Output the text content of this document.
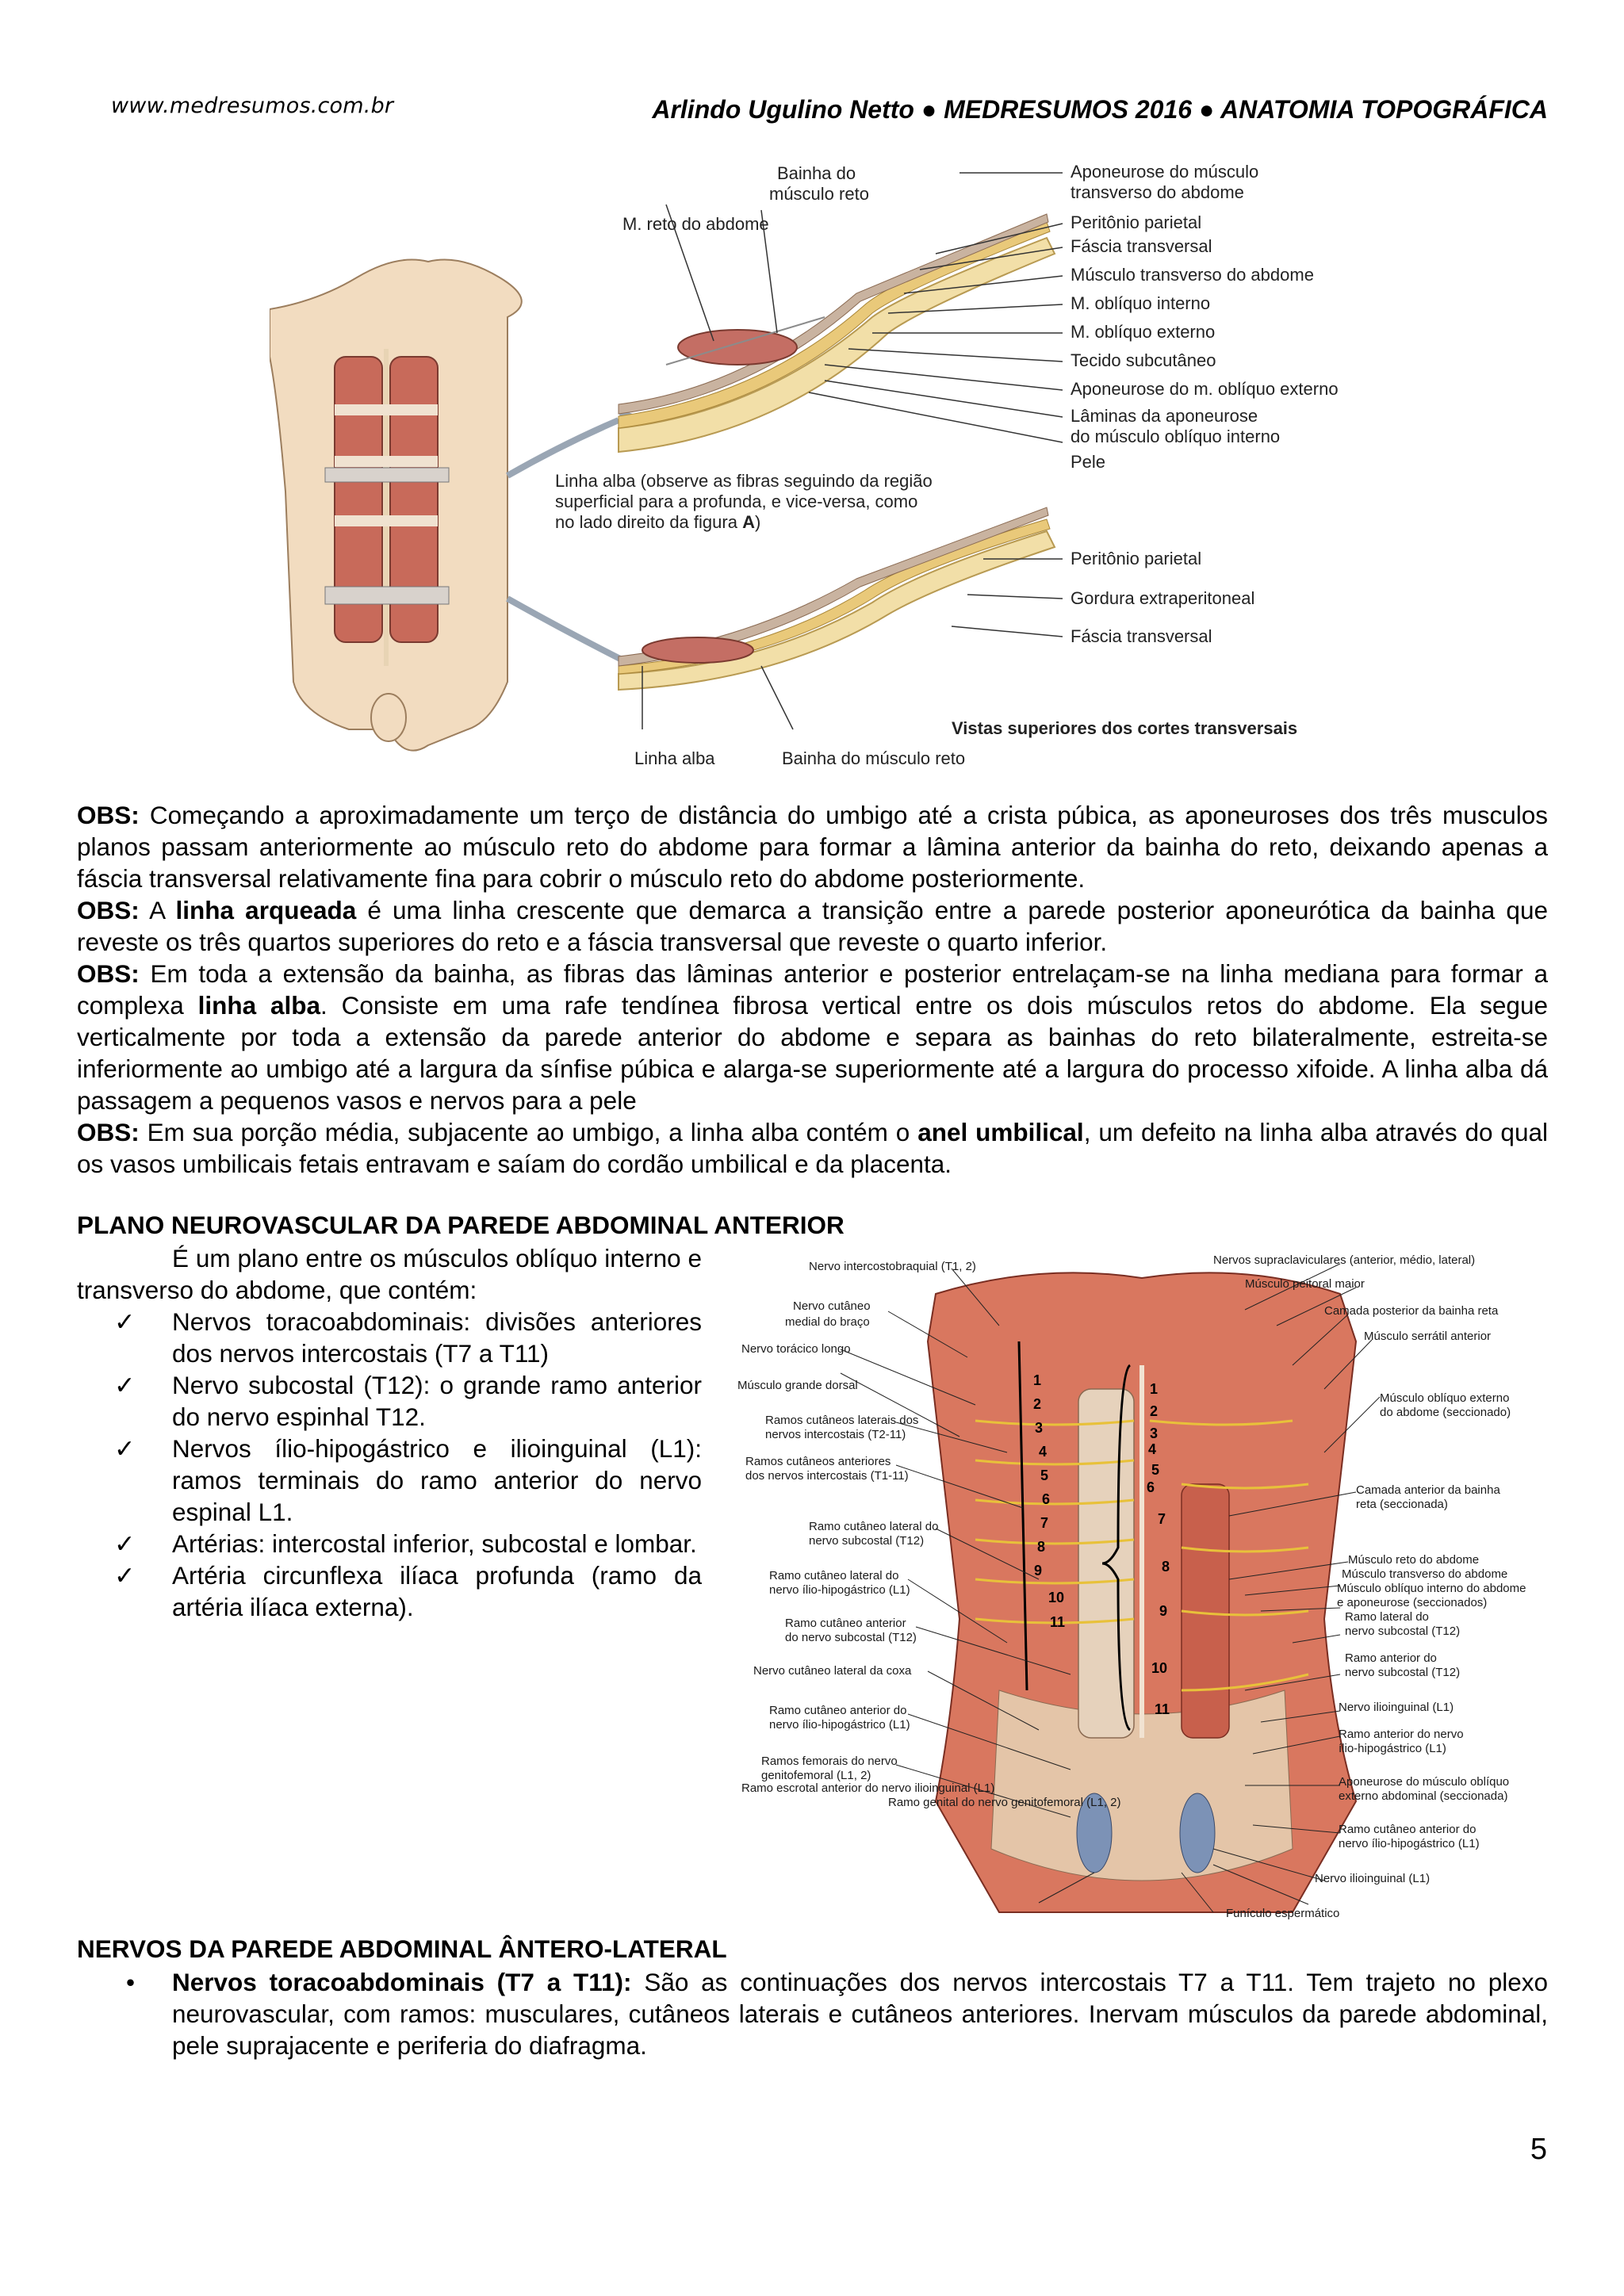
www.medresumos.com.br	Arlindo Ugulino Netto ● MEDRESUMOS 2016 ● ANATOMIA TOPOGRÁFICA
Bainha do
músculo reto
M. reto do abdome
Aponeurose do músculo
transverso do abdome
Peritônio parietal
Fáscia transversal
Músculo transverso do abdome
M. oblíquo interno
M. oblíquo externo
Tecido subcutâneo
Aponeurose do m. oblíquo externo
Lâminas da aponeurose
do músculo oblíquo interno
Pele
Linha alba (observe as fibras seguindo da região
superficial para a profunda, e vice-versa, como
no lado direito da figura A)
Peritônio parietal
Gordura extraperitoneal
Fáscia transversal
Vistas superiores dos cortes transversais
Linha alba	Bainha do músculo reto

OBS: Começando a aproximadamente um terço de distância do umbigo até a crista púbica, as aponeuroses dos três musculos planos passam anteriormente ao músculo reto do abdome para formar a lâmina anterior da bainha do reto, deixando apenas a fáscia transversal relativamente fina para cobrir o músculo reto do abdome posteriormente.

OBS: A linha arqueada é uma linha crescente que demarca a transição entre a parede posterior aponeurótica da bainha que reveste os três quartos superiores do reto e a fáscia transversal que reveste o quarto inferior.

OBS: Em toda a extensão da bainha, as fibras das lâminas anterior e posterior entrelaçam-se na linha mediana para formar a complexa linha alba. Consiste em uma rafe tendínea fibrosa vertical entre os dois músculos retos do abdome. Ela segue verticalmente por toda a extensão da parede anterior do abdome e separa as bainhas do reto bilateralmente, estreita-se inferiormente ao umbigo até a largura da sínfise púbica e alarga-se superiormente até a largura do processo xifoide. A linha alba dá passagem a pequenos vasos e nervos para a pele

OBS: Em sua porção média, subjacente ao umbigo, a linha alba contém o anel umbilical, um defeito na linha alba através do qual os vasos umbilicais fetais entravam e saíam do cordão umbilical e da placenta.

PLANO NEUROVASCULAR DA PAREDE ABDOMINAL ANTERIOR

É um plano entre os músculos oblíquo interno e transverso do abdome, que contém:

✓ Nervos toracoabdominais: divisões anteriores dos nervos intercostais (T7 a T11)
✓ Nervo subcostal (T12): o grande ramo anterior do nervo espinhal T12.
✓ Nervos ílio-hipogástrico e ilioinguinal (L1): ramos terminais do ramo anterior do nervo espinal L1.
✓ Artérias: intercostal inferior, subcostal e lombar.
✓ Artéria circunflexa ilíaca profunda (ramo da artéria ilíaca externa).
1
2
3
4
5
6
7
8
9
10
11
1
2
3
4
5
6
7
8
9
10
11
Nervo intercostobraquial (T1, 2)
Nervo cutâneo
medial do braço
Nervo torácico longo
Músculo grande dorsal
Ramos cutâneos laterais dos
nervos intercostais (T2-11)
Ramos cutâneos anteriores
dos nervos intercostais (T1-11)
Ramo cutâneo lateral do
nervo subcostal (T12)
Ramo cutâneo lateral do
nervo ílio-hipogástrico (L1)
Ramo cutâneo anterior
do nervo subcostal (T12)
Nervo cutâneo lateral da coxa
Ramo cutâneo anterior do
nervo ílio-hipogástrico (L1)
Ramos femorais do nervo
genitofemoral (L1, 2)
Ramo escrotal anterior do nervo ilioinguinal (L1)
Ramo genital do nervo genitofemoral (L1, 2)
Nervos supraclaviculares (anterior, médio, lateral)
Músculo peitoral maior
Camada posterior da bainha reta
Músculo serrátil anterior
Músculo oblíquo externo
do abdome (seccionado)
Camada anterior da bainha
reta (seccionada)
Músculo reto do abdome
Músculo transverso do abdome
Músculo oblíquo interno do abdome
e aponeurose (seccionados)
Ramo lateral do
nervo subcostal (T12)
Ramo anterior do
nervo subcostal (T12)
Nervo ilioinguinal (L1)
Ramo anterior do nervo
ílio-hipogástrico (L1)
Aponeurose do músculo oblíquo
externo abdominal (seccionada)
Ramo cutâneo anterior do
nervo ílio-hipogástrico (L1)
Nervo ilioinguinal (L1)
Funículo espermático
NERVOS DA PAREDE ABDOMINAL ÂNTERO-LATERAL
• Nervos toracoabdominais (T7 a T11): São as continuações dos nervos intercostais T7 a T11. Tem trajeto no plexo neurovascular, com ramos: musculares, cutâneos laterais e cutâneos anteriores. Inervam músculos da parede abdominal, pele suprajacente e periferia do diafragma.
5
